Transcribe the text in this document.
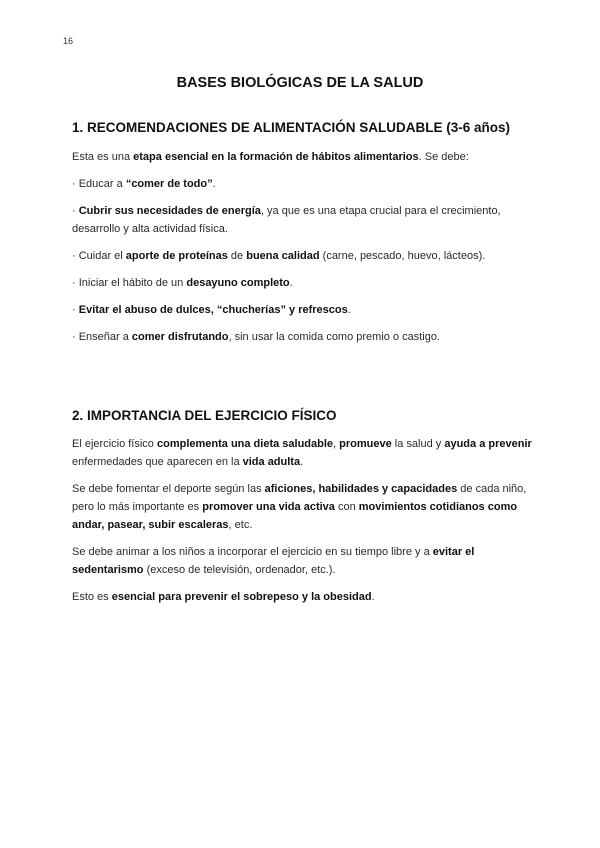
16
BASES BIOLÓGICAS DE LA SALUD
1. RECOMENDACIONES DE ALIMENTACIÓN SALUDABLE (3-6 años)

Esta es una etapa esencial en la formación de hábitos alimentarios. Se debe:

· Educar a “comer de todo”.

· Cubrir sus necesidades de energía, ya que es una etapa crucial para el crecimiento, desarrollo y alta actividad física.

· Cuidar el aporte de proteínas de buena calidad (carne, pescado, huevo, lácteos).

· Iniciar el hábito de un desayuno completo.

· Evitar el abuso de dulces, “chucherías” y refrescos.

· Enseñar a comer disfrutando, sin usar la comida como premio o castigo.

2. IMPORTANCIA DEL EJERCICIO FÍSICO

El ejercicio físico complementa una dieta saludable, promueve la salud y ayuda a prevenir enfermedades que aparecen en la vida adulta.

Se debe fomentar el deporte según las aficiones, habilidades y capacidades de cada niño, pero lo más importante es promover una vida activa con movimientos cotidianos como andar, pasear, subir escaleras, etc.

Se debe animar a los niños a incorporar el ejercicio en su tiempo libre y a evitar el sedentarismo (exceso de televisión, ordenador, etc.).

Esto es esencial para prevenir el sobrepeso y la obesidad.
